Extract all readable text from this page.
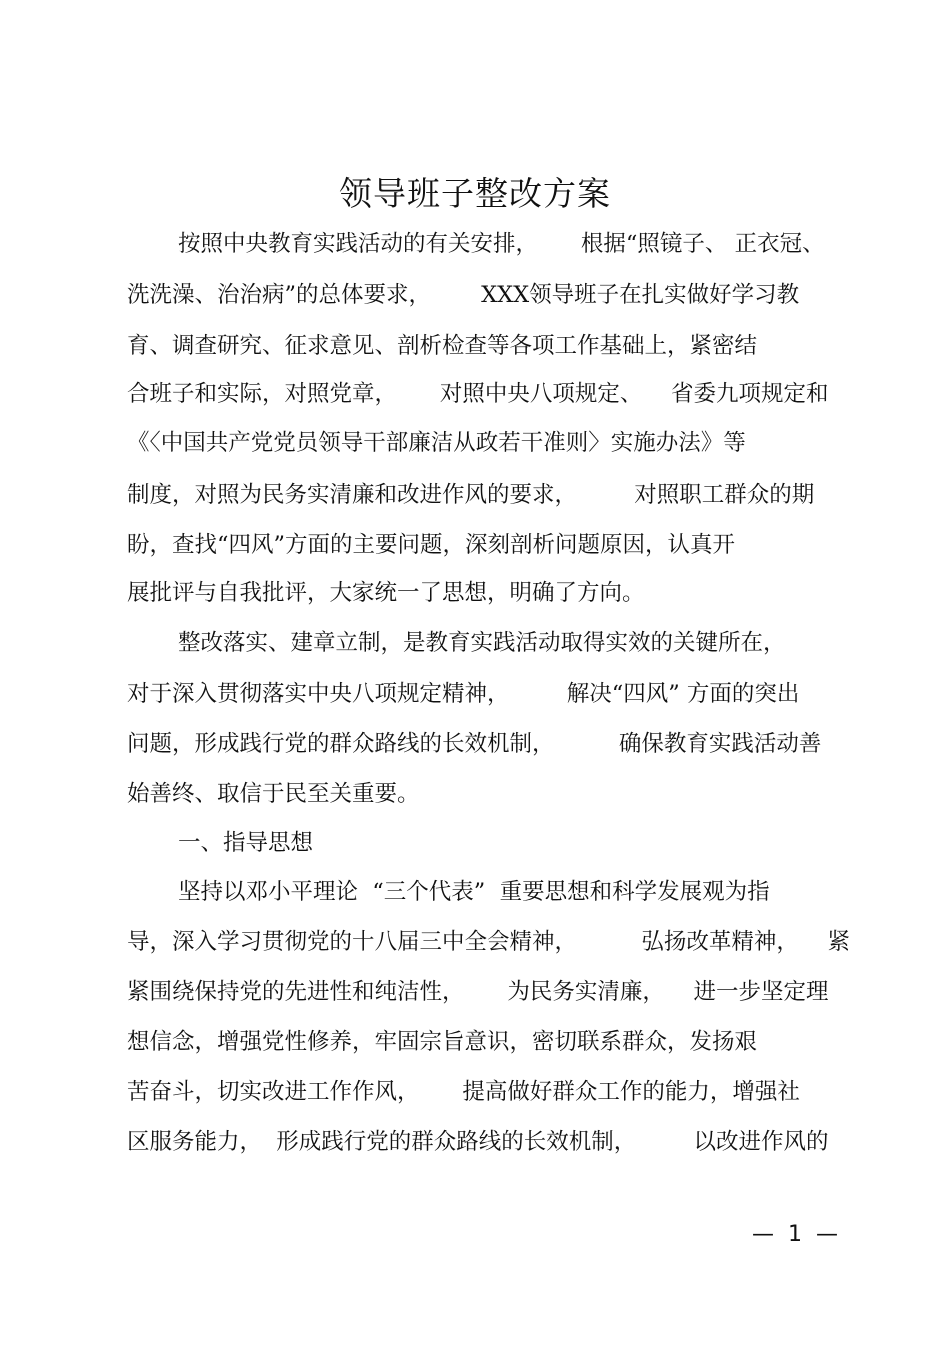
领导班子整改方案
按照中央教育实践活动的有关安排，      根据“照镜子、 正衣冠、
洗洗澡、治治病”的总体要求，       XXX领导班子在扎实做好学习教
育、调查研究、征求意见、剖析检查等各项工作基础上，紧密结
合班子和实际，对照党章，      对照中央八项规定、    省委九项规定和
《〈中国共产党党员领导干部廉洁从政若干准则〉实施办法》等
制度，对照为民务实清廉和改进作风的要求，        对照职工群众的期
盼，查找“四风”方面的主要问题，深刻剖析问题原因，认真开
展批评与自我批评，大家统一了思想，明确了方向。
整改落实、建章立制，是教育实践活动取得实效的关键所在，
对于深入贯彻落实中央八项规定精神，        解决“四风” 方面的突出
问题，形成践行党的群众路线的长效机制，         确保教育实践活动善
始善终、取信于民至关重要。
一、指导思想
坚持以邓小平理论  “三个代表”  重要思想和科学发展观为指
导，深入学习贯彻党的十八届三中全会精神，         弘扬改革精神，    紧
紧围绕保持党的先进性和纯洁性，      为民务实清廉，    进一步坚定理
想信念，增强党性修养，牢固宗旨意识，密切联系群众，发扬艰
苦奋斗，切实改进工作作风，      提高做好群众工作的能力，增强社
区服务能力，  形成践行党的群众路线的长效机制，        以改进作风的
—  1  —
